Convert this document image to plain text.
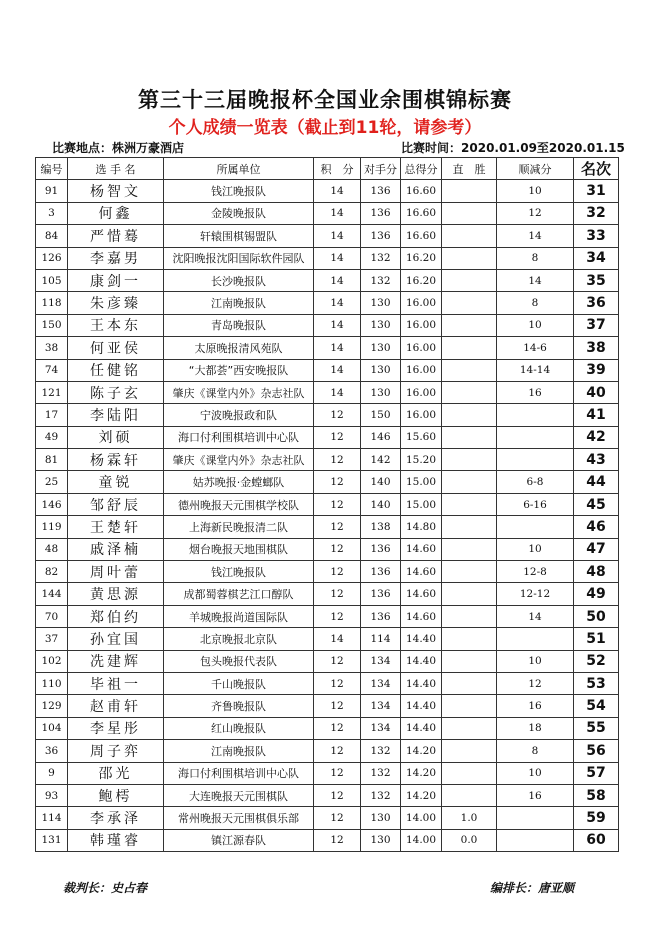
第三十三届晚报杯全国业余围棋锦标赛
个人成绩一览表（截止到11轮，请参考）
比赛地点：株洲万豪酒店	比赛时间：2020.01.09至2020.01.15
编号	选 手 名	所属单位	积　分	对手分	总得分	直　胜	顺减分	名次
91	杨智文	钱江晚报队	14	136	16.60		10	31
3	何鑫	金陵晚报队	14	136	16.60		12	32
84	严惜蓦	轩辕围棋锡盟队	14	136	16.60		14	33
126	李嘉男	沈阳晚报沈阳国际软件园队	14	132	16.20		8	34
105	康剑一	长沙晚报队	14	132	16.20		14	35
118	朱彦臻	江南晚报队	14	130	16.00		8	36
150	王本东	青岛晚报队	14	130	16.00		10	37
38	何亚侯	太原晚报清风苑队	14	130	16.00		14-6	38
74	任健铭	“大都荟”西安晚报队	14	130	16.00		14-14	39
121	陈子玄	肇庆《课堂内外》杂志社队	14	130	16.00		16	40
17	李陆阳	宁波晚报政和队	12	150	16.00			41
49	刘硕	海口付利围棋培训中心队	12	146	15.60			42
81	杨霖轩	肇庆《课堂内外》杂志社队	12	142	15.20			43
25	童锐	姑苏晚报·金螳螂队	12	140	15.00		6-8	44
146	邹舒辰	德州晚报天元围棋学校队	12	140	15.00		6-16	45
119	王楚轩	上海新民晚报清二队	12	138	14.80			46
48	戚泽楠	烟台晚报天地围棋队	12	136	14.60		10	47
82	周叶蕾	钱江晚报队	12	136	14.60		12-8	48
144	黄思源	成都蜀蓉棋艺江口醇队	12	136	14.60		12-12	49
70	郑伯约	羊城晚报尚道国际队	12	136	14.60		14	50
37	孙宜国	北京晚报北京队	14	114	14.40			51
102	冼建辉	包头晚报代表队	12	134	14.40		10	52
110	毕祖一	千山晚报队	12	134	14.40		12	53
129	赵甫轩	齐鲁晚报队	12	134	14.40		16	54
104	李星彤	红山晚报队	12	134	14.40		18	55
36	周子弈	江南晚报队	12	132	14.20		8	56
9	邵光	海口付利围棋培训中心队	12	132	14.20		10	57
93	鲍樗	大连晚报天元围棋队	12	132	14.20		16	58
114	李承泽	常州晚报天元围棋俱乐部	12	130	14.00	1.0		59
131	韩瑾睿	镇江源春队	12	130	14.00	0.0		60
裁判长：史占春	编排长：唐亚顺
